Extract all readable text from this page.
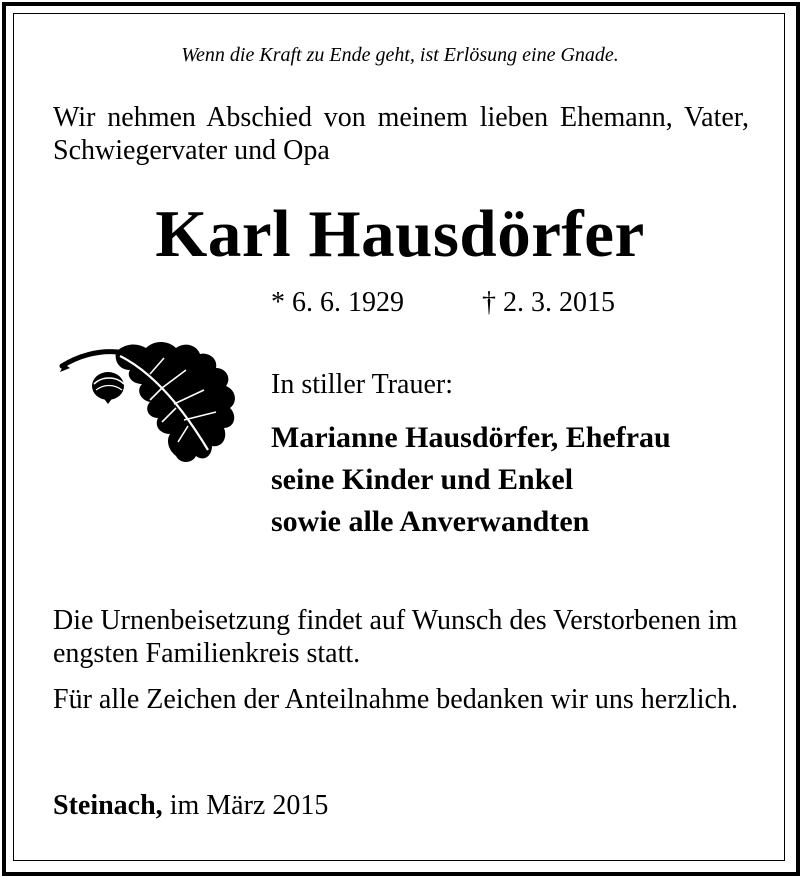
Wenn die Kraft zu Ende geht, ist Erlösung eine Gnade.
Wir nehmen Abschied von meinem lieben Ehemann, Vater, Schwiegervater und Opa
Karl Hausdörfer
* 6. 6. 1929	† 2. 3. 2015
In stiller Trauer:
Marianne Hausdörfer, Ehefrau
seine Kinder und Enkel
sowie alle Anverwandten
Die Urnenbeisetzung findet auf Wunsch des Verstorbenen im engsten Familienkreis statt.
Für alle Zeichen der Anteilnahme bedanken wir uns herzlich.
Steinach, im März 2015
